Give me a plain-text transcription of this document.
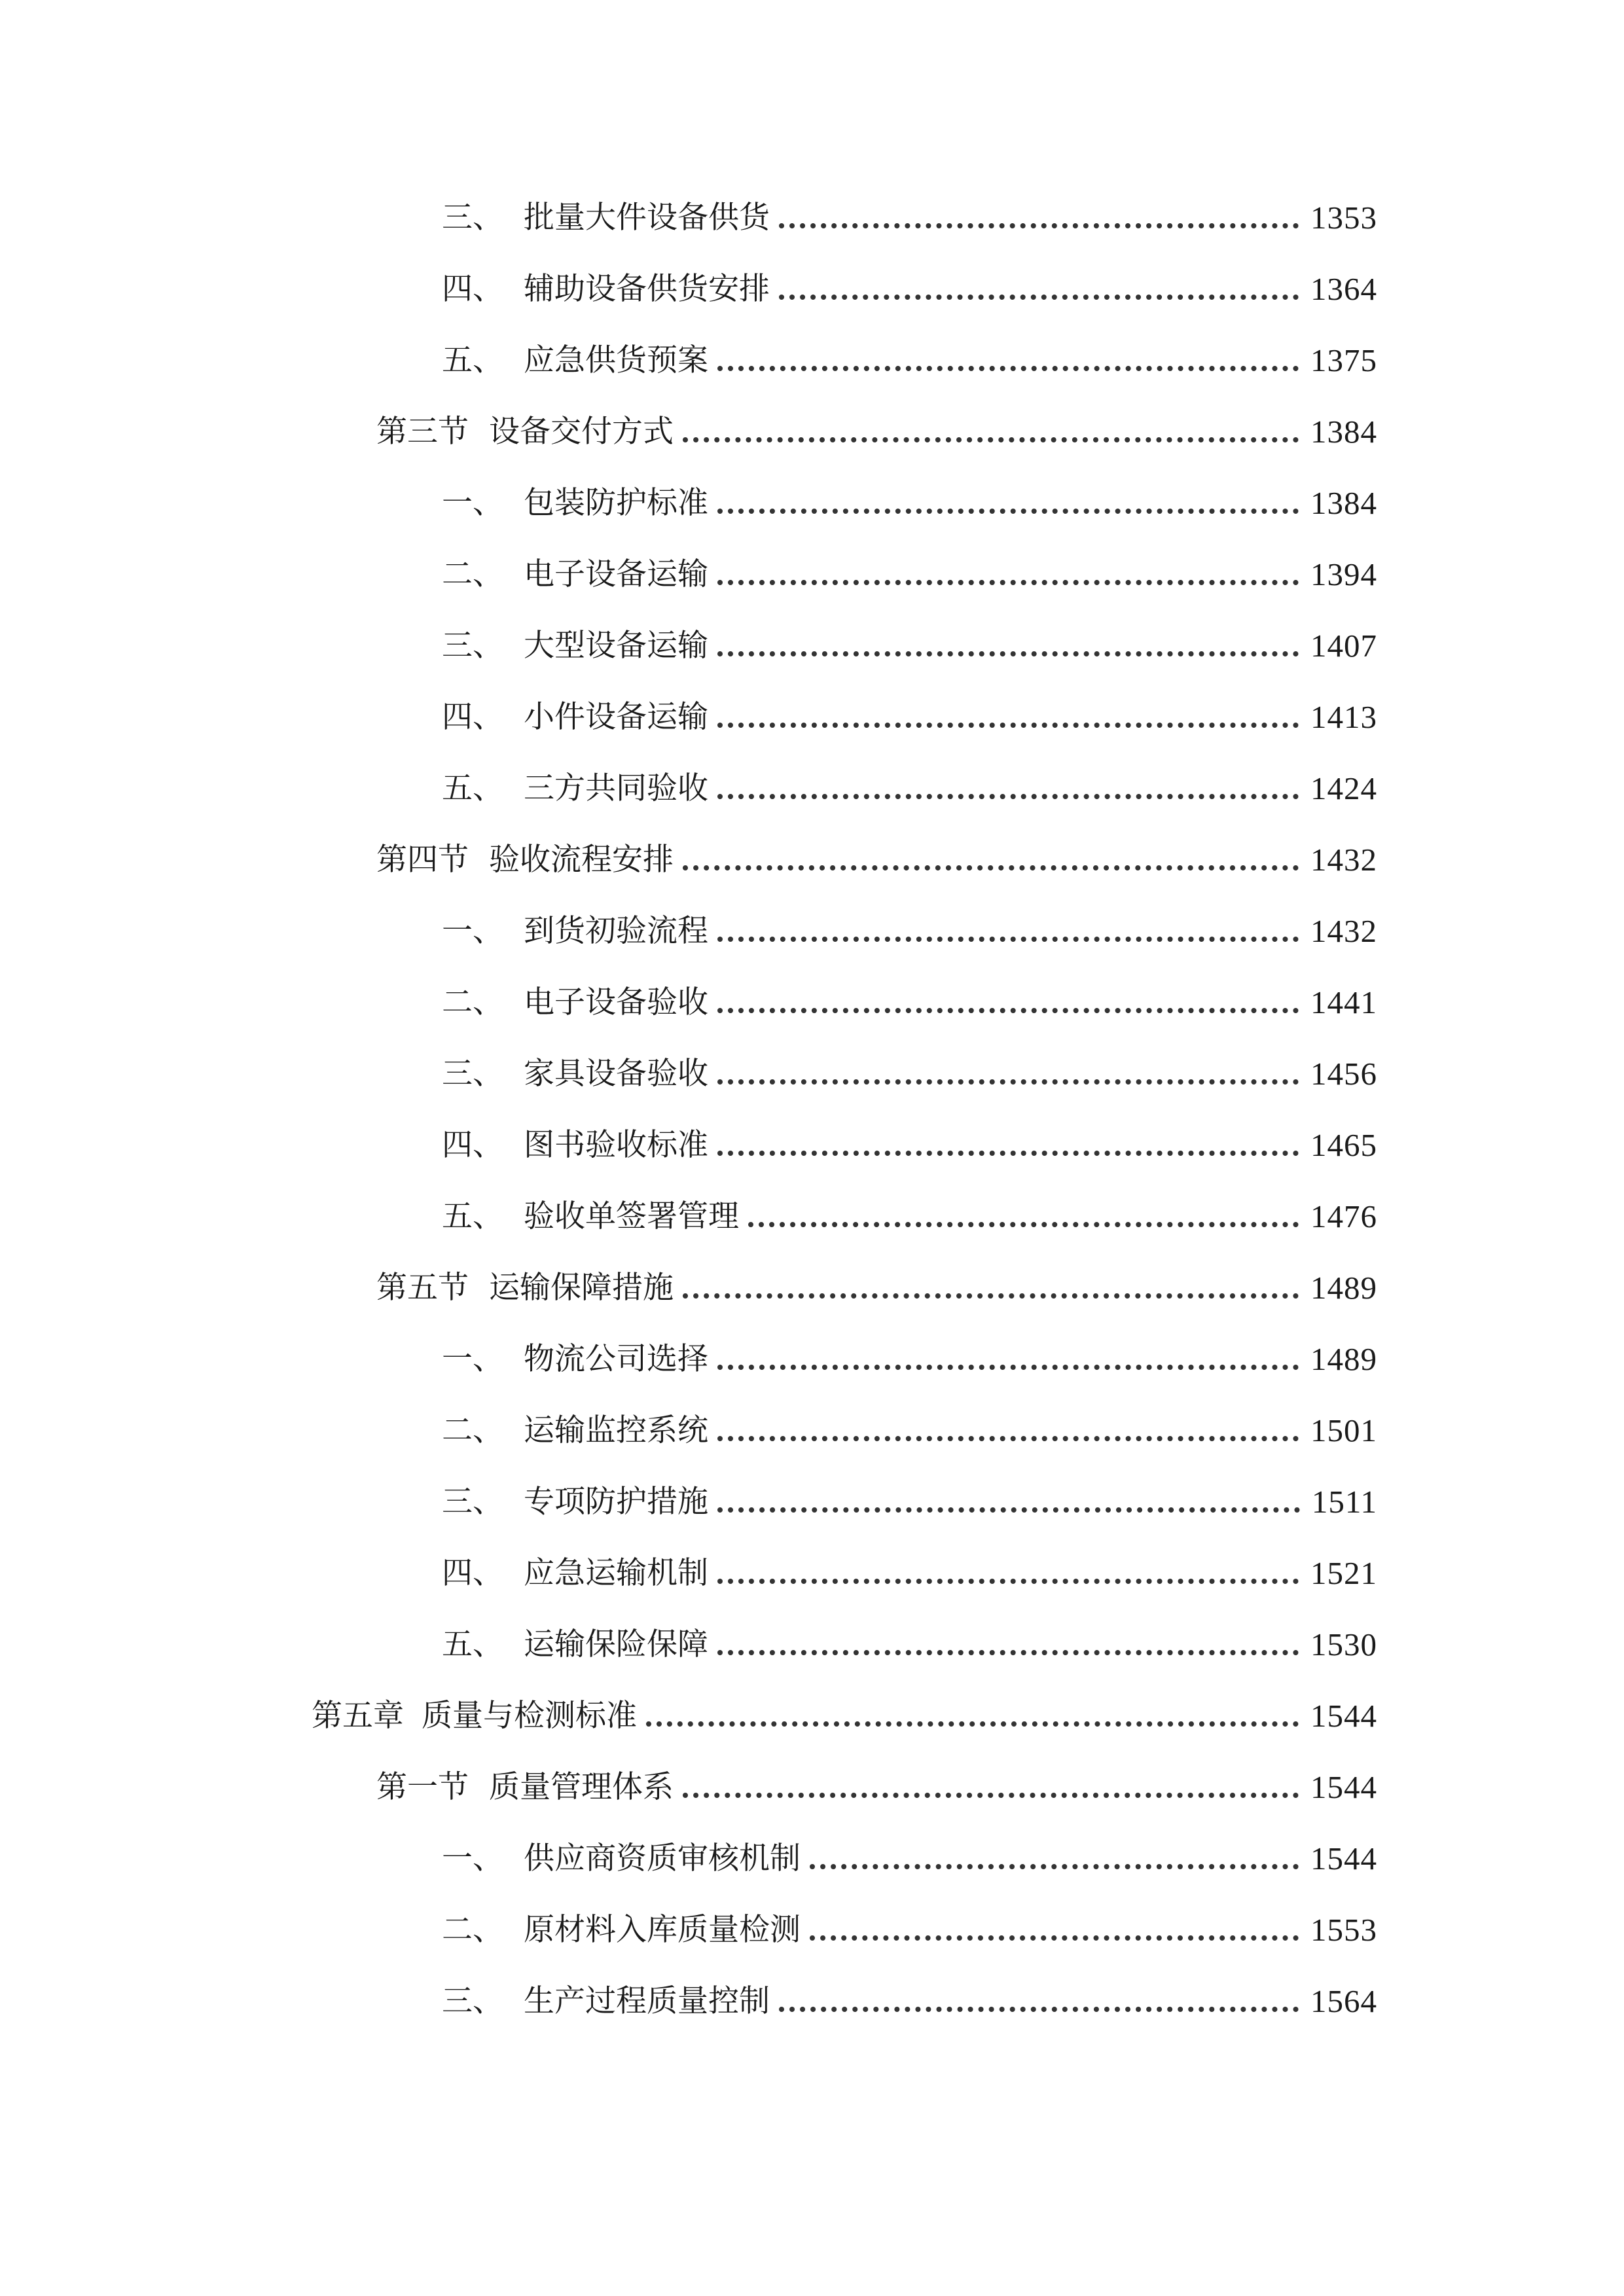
三、 批量大件设备供货	1353
四、 辅助设备供货安排	1364
五、 应急供货预案	1375
第三节 设备交付方式	1384
一、 包装防护标准	1384
二、 电子设备运输	1394
三、 大型设备运输	1407
四、 小件设备运输	1413
五、 三方共同验收	1424
第四节 验收流程安排	1432
一、 到货初验流程	1432
二、 电子设备验收	1441
三、 家具设备验收	1456
四、 图书验收标准	1465
五、 验收单签署管理	1476
第五节 运输保障措施	1489
一、 物流公司选择	1489
二、 运输监控系统	1501
三、 专项防护措施	1511
四、 应急运输机制	1521
五、 运输保险保障	1530
第五章 质量与检测标准	1544
第一节 质量管理体系	1544
一、 供应商资质审核机制	1544
二、 原材料入库质量检测	1553
三、 生产过程质量控制	1564
